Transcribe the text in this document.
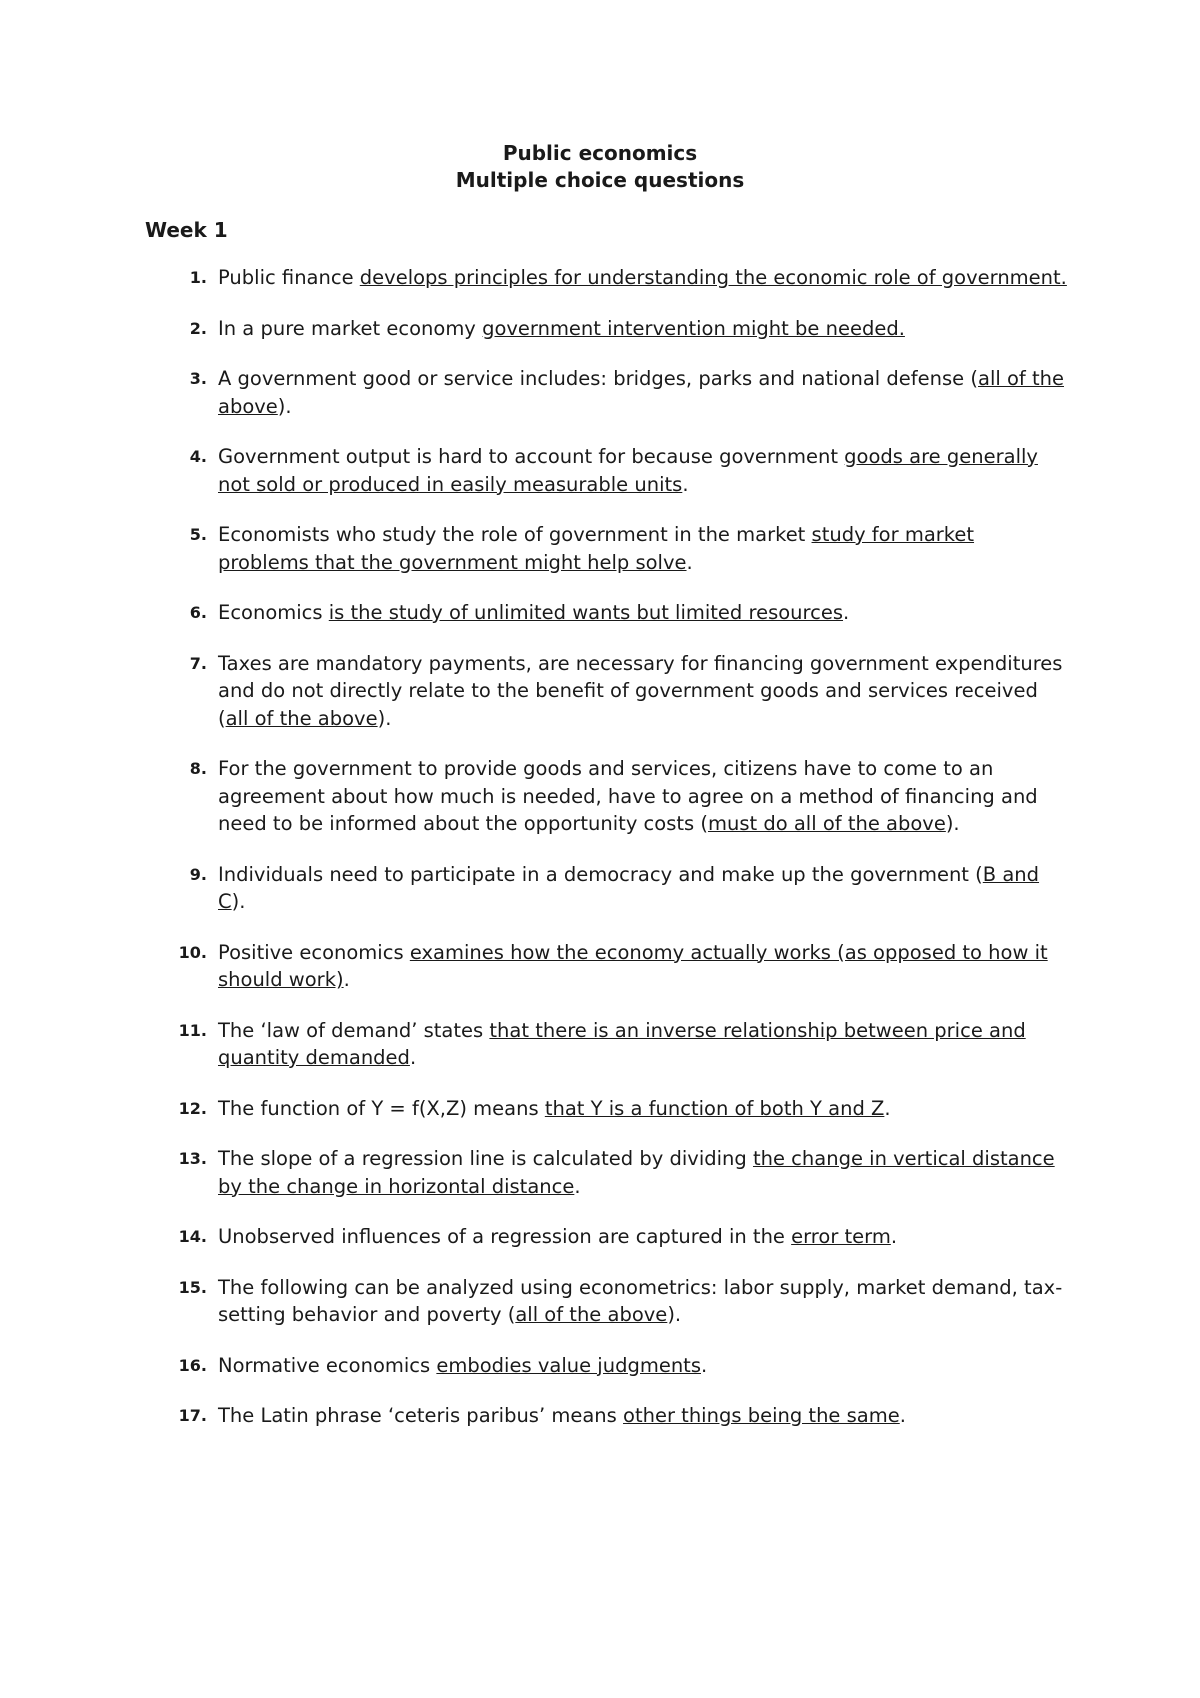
Public economics
Multiple choice questions
Week 1
1. Public finance develops principles for understanding the economic role of government.
2. In a pure market economy government intervention might be needed.
3. A government good or service includes: bridges, parks and national defense (all of the above).
4. Government output is hard to account for because government goods are generally not sold or produced in easily measurable units.
5. Economists who study the role of government in the market study for market problems that the government might help solve.
6. Economics is the study of unlimited wants but limited resources.
7. Taxes are mandatory payments, are necessary for financing government expenditures and do not directly relate to the benefit of government goods and services received (all of the above).
8. For the government to provide goods and services, citizens have to come to an agreement about how much is needed, have to agree on a method of financing and need to be informed about the opportunity costs (must do all of the above).
9. Individuals need to participate in a democracy and make up the government (B and C).
10. Positive economics examines how the economy actually works (as opposed to how it should work).
11. The ‘law of demand’ states that there is an inverse relationship between price and quantity demanded.
12. The function of Y = f(X,Z) means that Y is a function of both Y and Z.
13. The slope of a regression line is calculated by dividing the change in vertical distance by the change in horizontal distance.
14. Unobserved influences of a regression are captured in the error term.
15. The following can be analyzed using econometrics: labor supply, market demand, tax-setting behavior and poverty (all of the above).
16. Normative economics embodies value judgments.
17. The Latin phrase ‘ceteris paribus’ means other things being the same.
